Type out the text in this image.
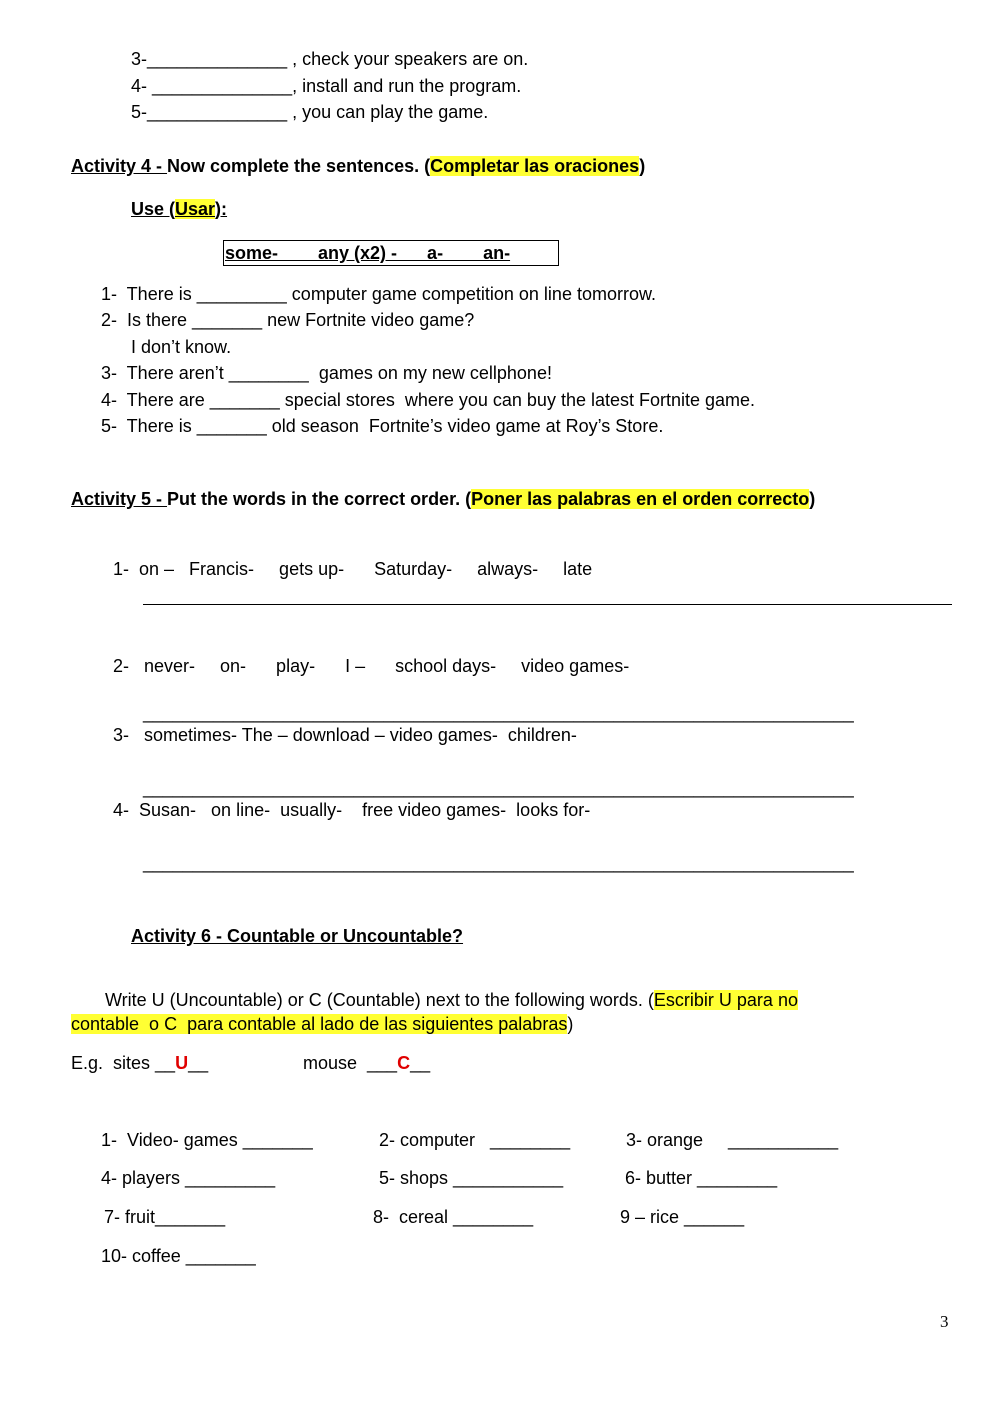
3-______________ , check your speakers are on.
4- ______________, install and run the program.
5-______________ , you can play the game.
Activity 4 - Now complete the sentences. (Completar las oraciones)
Use (Usar):
some-        any (x2) -      a-        an-
1-  There is _________ computer game competition on line tomorrow.
2-  Is there _______ new Fortnite video game?
I don’t know.
3-  There aren’t ________  games on my new cellphone!
4-  There are _______ special stores  where you can buy the latest Fortnite game.
5-  There is _______ old season  Fortnite’s video game at Roy’s Store.
Activity 5 - Put the words in the correct order. (Poner las palabras en el orden correcto)
1-  on –   Francis-     gets up-      Saturday-     always-     late
2-   never-     on-      play-      I –      school days-     video games-
_______________________________________________________________________
3-   sometimes- The – download – video games-  children-
_______________________________________________________________________
4-  Susan-   on line-  usually-    free video games-  looks for-
_______________________________________________________________________
Activity 6 - Countable or Uncountable?
Write U (Uncountable) or C (Countable) next to the following words. (Escribir U para no
contable  o C  para contable al lado de las siguientes palabras)
E.g.  sites __U__	mouse  ___C__
1-  Video- games _______	2- computer   ________	3- orange     ___________
4- players _________	5- shops ___________	6- butter ________
7- fruit_______	8-  cereal ________	9 – rice ______
10- coffee _______
3
